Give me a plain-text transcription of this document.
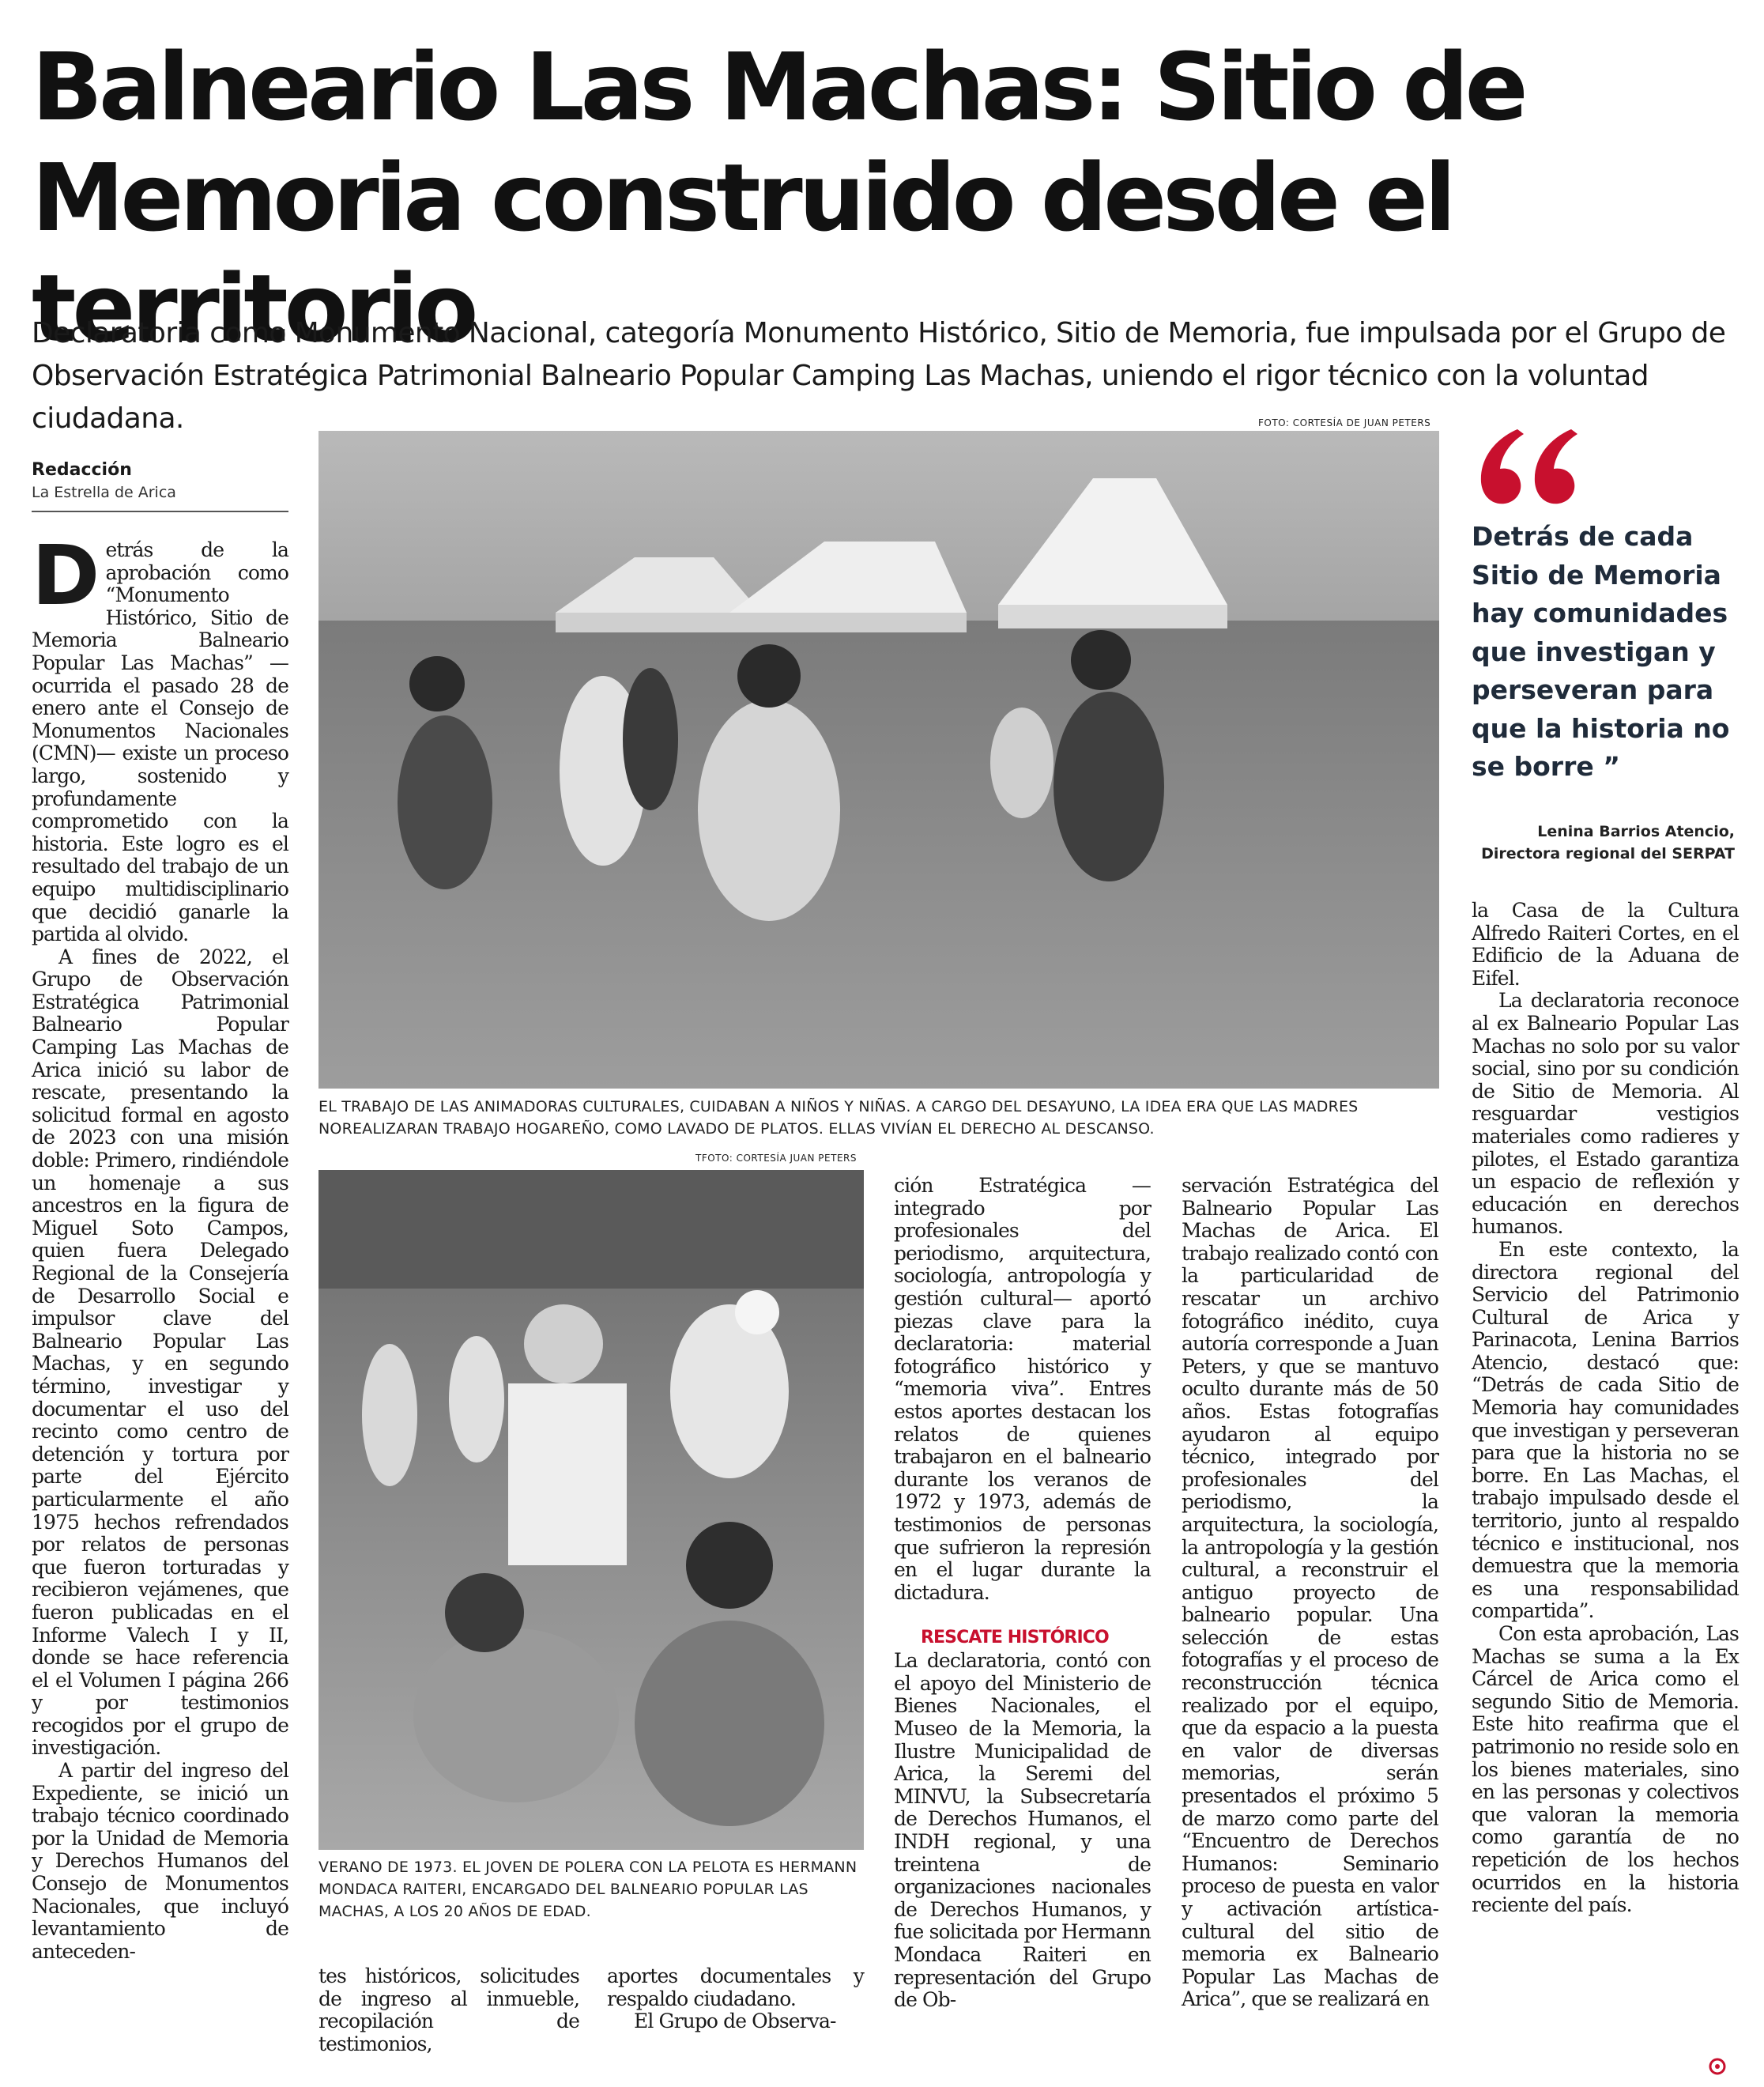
Balneario Las Machas: Sitio de Memoria construido desde el territorio

Declaratoria como Monumento Nacional, categoría Monumento Histórico, Sitio de Memoria, fue impulsada por el Grupo de Observación Estratégica Patrimonial Balneario Popular Camping Las Machas, uniendo el rigor técnico con la voluntad ciudadana.

Redacción
La Estrella de Arica

Detrás de la aprobación como “Monumento Histórico, Sitio de Memoria Balneario Popular Las Machas” —ocurrida el pasado 28 de enero ante el Consejo de Monumentos Nacionales (CMN)— existe un proceso largo, sostenido y profundamente comprometido con la historia. Este logro es el resultado del trabajo de un equipo multidisciplinario que decidió ganarle la partida al olvido.

A fines de 2022, el Grupo de Observación Estratégica Patrimonial Balneario Popular Camping Las Machas de Arica inició su labor de rescate, presentando la solicitud formal en agosto de 2023 con una misión doble: Primero, rindiéndole un homenaje a sus ancestros en la figura de Miguel Soto Campos, quien fuera Delegado Regional de la Consejería de Desarrollo Social e impulsor clave del Balneario Popular Las Machas, y en segundo término, investigar y documentar el uso del recinto como centro de detención y tortura por parte del Ejército particularmente el año 1975 hechos refrendados por relatos de personas que fueron torturadas y recibieron vejámenes, que fueron publicadas en el Informe Valech I y II, donde se hace referencia el el Volumen I página 266 y por testimonios recogidos por el grupo de investigación.

A partir del ingreso del Expediente, se inició un trabajo técnico coordinado por la Unidad de Memoria y Derechos Humanos del Consejo de Monumentos Nacionales, que incluyó levantamiento de anteceden-

FOTO: CORTESÍA DE JUAN PETERS

EL TRABAJO DE LAS ANIMADORAS CULTURALES, CUIDABAN A NIÑOS Y NIÑAS. A CARGO DEL DESAYUNO, LA IDEA ERA QUE LAS MADRES NOREALIZARAN TRABAJO HOGAREÑO, COMO LAVADO DE PLATOS. ELLAS VIVÍAN EL DERECHO AL DESCANSO.

TFOTO: CORTESÍA JUAN PETERS

VERANO DE 1973. EL JOVEN DE POLERA CON LA PELOTA ES HERMANN MONDACA RAITERI, ENCARGADO DEL BALNEARIO POPULAR LAS MACHAS, A LOS 20 AÑOS DE EDAD.

tes históricos, solicitudes de ingreso al inmueble, recopilación de testimonios,

aportes documentales y respaldo ciudadano.

El Grupo de Observa-

ción Estratégica —integrado por profesionales del periodismo, arquitectura, sociología, antropología y gestión cultural— aportó piezas clave para la declaratoria: material fotográfico histórico y “memoria viva”. Entres estos aportes destacan los relatos de quienes trabajaron en el balneario durante los veranos de 1972 y 1973, además de testimonios de personas que sufrieron la represión en el lugar durante la dictadura.

RESCATE HISTÓRICO

La declaratoria, contó con el apoyo del Ministerio de Bienes Nacionales, el Museo de la Memoria, la Ilustre Municipalidad de Arica, la Seremi del MINVU, la Subsecretaría de Derechos Humanos, el INDH regional, y una treintena de organizaciones nacionales de Derechos Humanos, y fue solicitada por Hermann Mondaca Raiteri en representación del Grupo de Ob-

servación Estratégica del Balneario Popular Las Machas de Arica. El trabajo realizado contó con la particularidad de rescatar un archivo fotográfico inédito, cuya autoría corresponde a Juan Peters, y que se mantuvo oculto durante más de 50 años. Estas fotografías ayudaron al equipo técnico, integrado por profesionales del periodismo, la arquitectura, la sociología, la antropología y la gestión cultural, a reconstruir el antiguo proyecto de balneario popular. Una selección de estas fotografías y el proceso de reconstrucción técnica realizado por el equipo, que da espacio a la puesta en valor de diversas memorias, serán presentados el próximo 5 de marzo como parte del “Encuentro de Derechos Humanos: Seminario proceso de puesta en valor y activación artística-cultural del sitio de memoria ex Balneario Popular Las Machas de Arica”, que se realizará en

Detrás de cada Sitio de Memoria hay comunidades que investigan y perseveran para que la historia no se borre ”

Lenina Barrios Atencio,
Directora regional del SERPAT

la Casa de la Cultura Alfredo Raiteri Cortes, en el Edificio de la Aduana de Eifel.

La declaratoria reconoce al ex Balneario Popular Las Machas no solo por su valor social, sino por su condición de Sitio de Memoria. Al resguardar vestigios materiales como radieres y pilotes, el Estado garantiza un espacio de reflexión y educación en derechos humanos.

En este contexto, la directora regional del Servicio del Patrimonio Cultural de Arica y Parinacota, Lenina Barrios Atencio, destacó que: “Detrás de cada Sitio de Memoria hay comunidades que investigan y perseveran para que la historia no se borre. En Las Machas, el trabajo impulsado desde el territorio, junto al respaldo técnico e institucional, nos demuestra que la memoria es una responsabilidad compartida”.

Con esta aprobación, Las Machas se suma a la Ex Cárcel de Arica como el segundo Sitio de Memoria. Este hito reafirma que el patrimonio no reside solo en los bienes materiales, sino en las personas y colectivos que valoran la memoria como garantía de no repetición de los hechos ocurridos en la historia reciente del país.
